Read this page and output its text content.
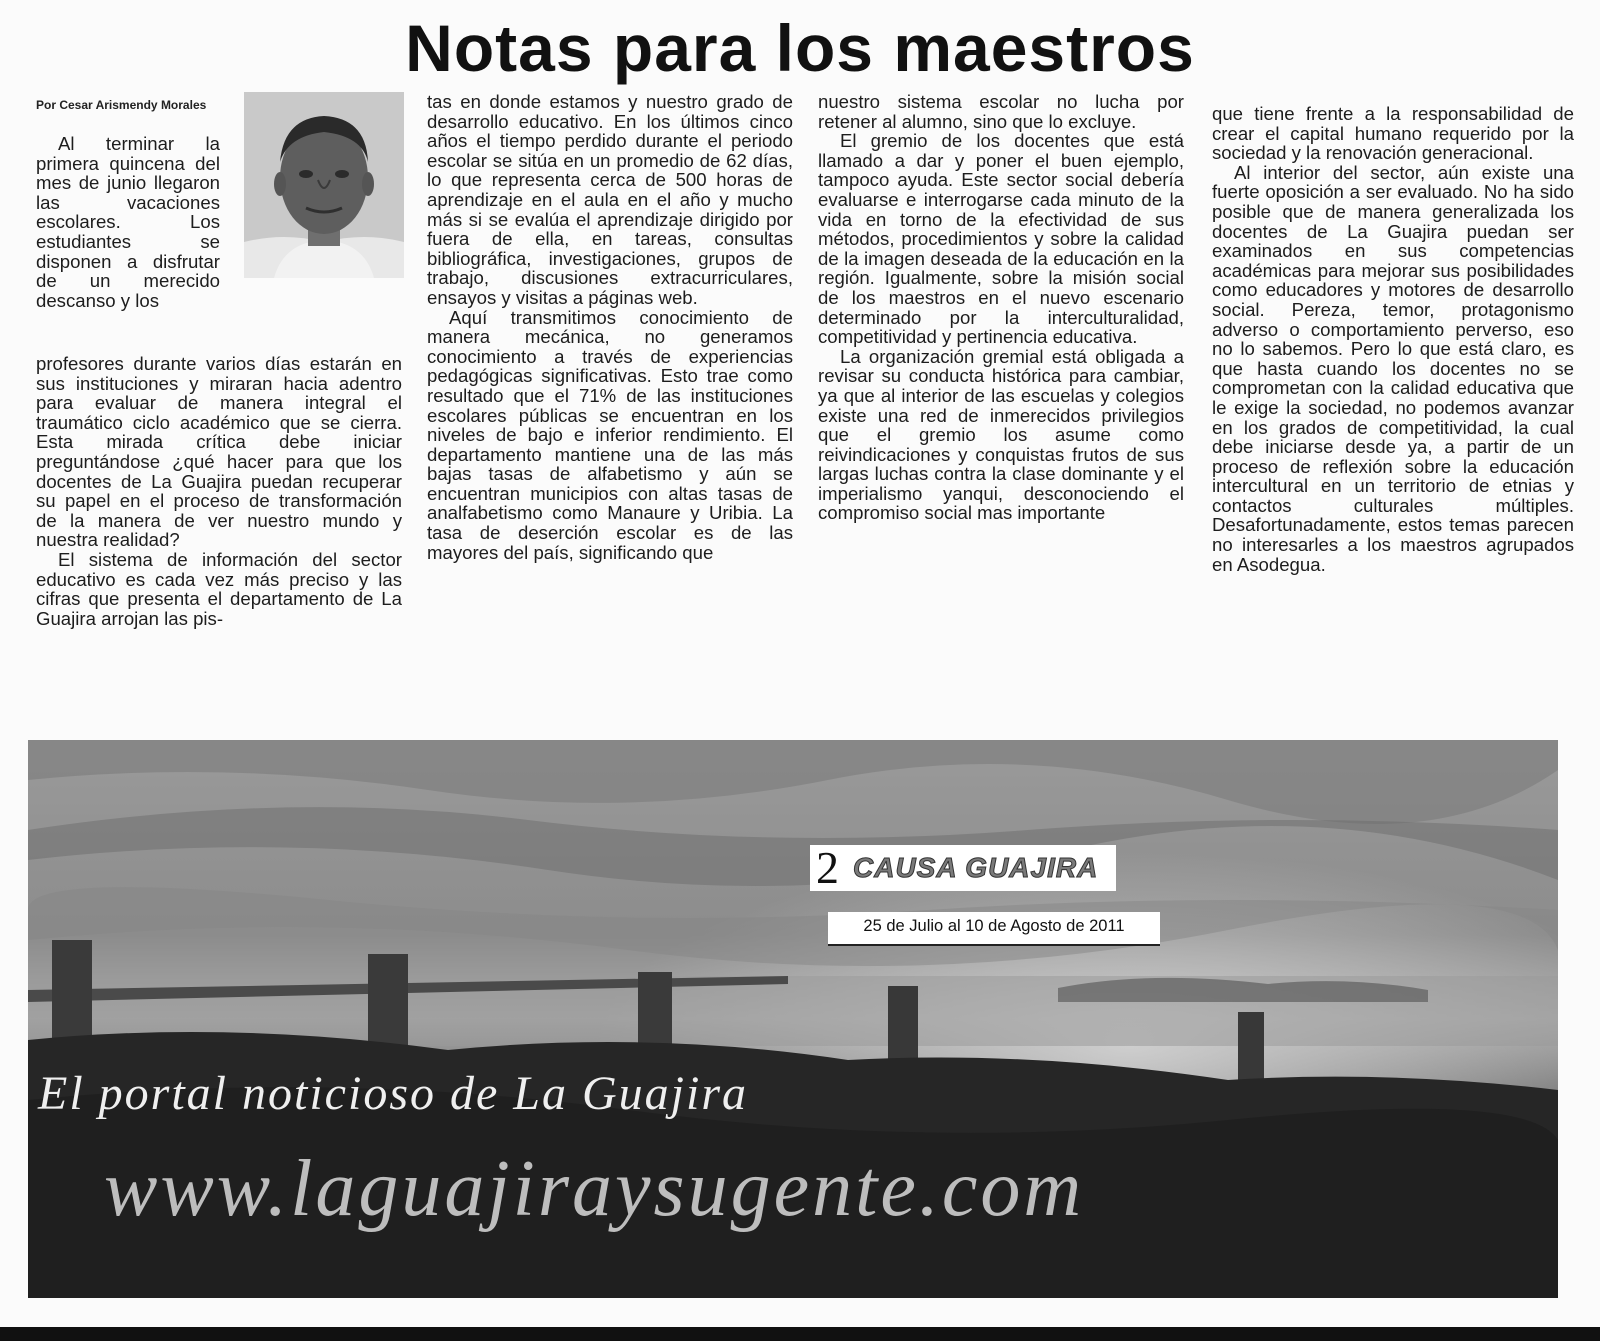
Notas para los maestros
Por Cesar Arismendy Morales

Al terminar la primera quincena del mes de junio llegaron las vacaciones escolares. Los estudiantes se disponen a disfrutar de un merecido descanso y los

profesores durante varios días estarán en sus instituciones y miraran hacia adentro para evaluar de manera integral el traumático ciclo académico que se cierra. Esta mirada crítica debe iniciar preguntándose ¿qué hacer para que los docentes de La Guajira puedan recuperar su papel en el proceso de transformación de la manera de ver nuestro mundo y nuestra realidad?

El sistema de información del sector educativo es cada vez más preciso y las cifras que presenta el departamento de La Guajira arrojan las pis-

tas en donde estamos y nuestro grado de desarrollo educativo. En los últimos cinco años el tiempo perdido durante el periodo escolar se sitúa en un promedio de 62 días, lo que representa cerca de 500 horas de aprendizaje en el aula en el año y mucho más si se evalúa el aprendizaje dirigido por fuera de ella, en tareas, consultas bibliográfica, investigaciones, grupos de trabajo, discusiones extracurriculares, ensayos y visitas a páginas web.

Aquí transmitimos conocimiento de manera mecánica, no generamos conocimiento a través de experiencias pedagógicas significativas. Esto trae como resultado que el 71% de las instituciones escolares públicas se encuentran en los niveles de bajo e inferior rendimiento. El departamento mantiene una de las más bajas tasas de alfabetismo y aún se encuentran municipios con altas tasas de analfabetismo como Manaure y Uribia. La tasa de deserción escolar es de las mayores del país, significando que

nuestro sistema escolar no lucha por retener al alumno, sino que lo excluye.

El gremio de los docentes que está llamado a dar y poner el buen ejemplo, tampoco ayuda. Este sector social debería evaluarse e interrogarse cada minuto de la vida en torno de la efectividad de sus métodos, procedimientos y sobre la calidad de la imagen deseada de la educación en la región. Igualmente, sobre la misión social de los maestros en el nuevo escenario determinado por la interculturalidad, competitividad y pertinencia educativa.

La organización gremial está obligada a revisar su conducta histórica para cambiar, ya que al interior de las escuelas y colegios existe una red de inmerecidos privilegios que el gremio los asume como reivindicaciones y conquistas frutos de sus largas luchas contra la clase dominante y el imperialismo yanqui, desconociendo el compromiso social mas importante

que tiene frente a la responsabilidad de crear el capital humano requerido por la sociedad y la renovación generacional.

Al interior del sector, aún existe una fuerte oposición a ser evaluado. No ha sido posible que de manera generalizada los docentes de La Guajira puedan ser examinados en sus competencias académicas para mejorar sus posibilidades como educadores y motores de desarrollo social. Pereza, temor, protagonismo adverso o comportamiento perverso, eso no lo sabemos. Pero lo que está claro, es que hasta cuando los docentes no se comprometan con la calidad educativa que le exige la sociedad, no podemos avanzar en los grados de competitividad, la cual debe iniciarse desde ya, a partir de un proceso de reflexión sobre la educación intercultural en un territorio de etnias y contactos culturales múltiples. Desafortunadamente, estos temas parecen no interesarles a los maestros agrupados en Asodegua.

2 CAUSA GUAJIRA
25 de Julio al 10 de Agosto de 2011
El portal noticioso de La Guajira
www.laguajiraysugente.com
